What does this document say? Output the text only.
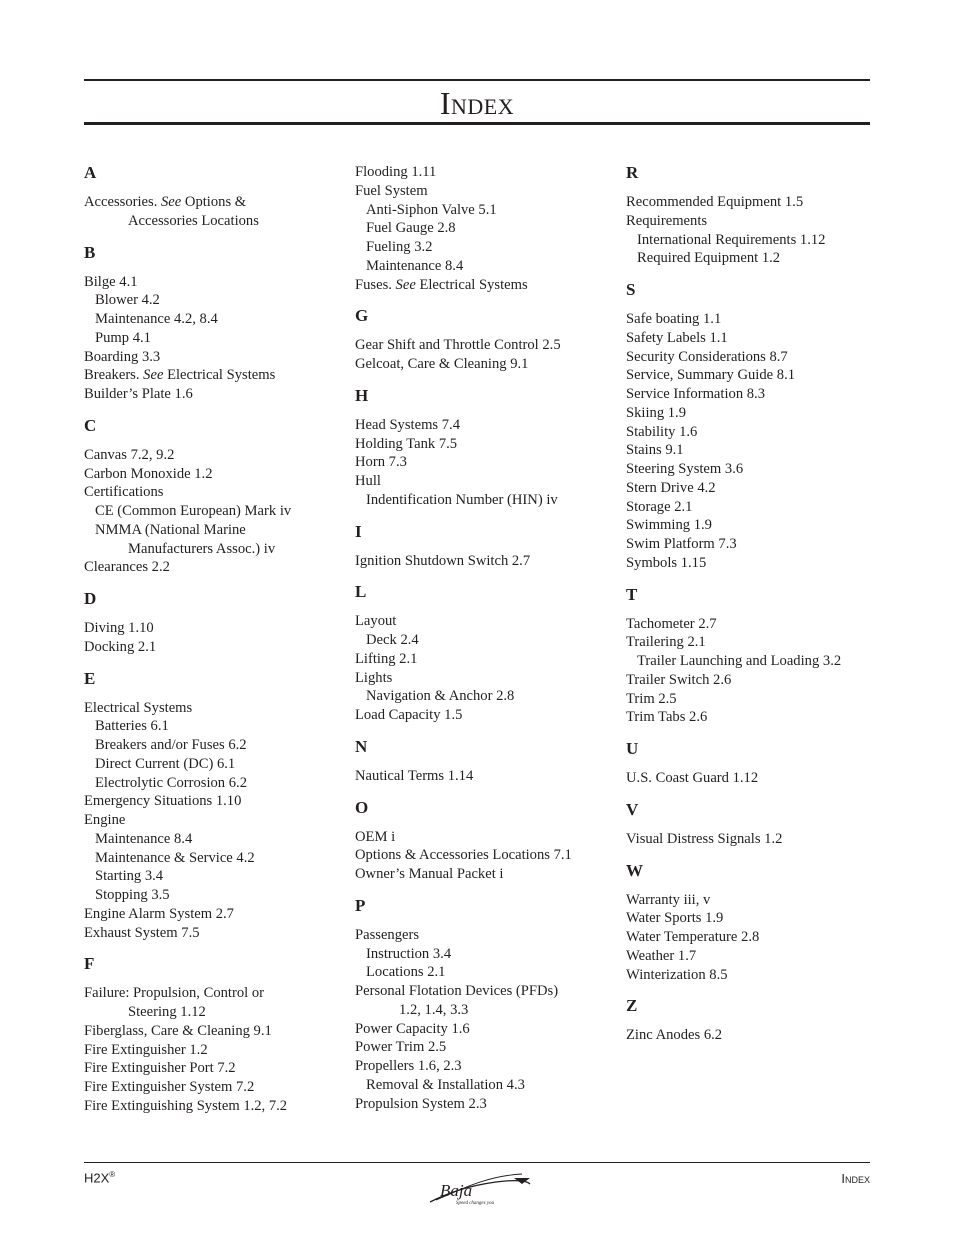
Index
A
Accessories. See Options &
Accessories Locations
B
Bilge 4.1
Blower 4.2
Maintenance 4.2, 8.4
Pump 4.1
Boarding 3.3
Breakers. See Electrical Systems
Builder’s Plate 1.6
C
Canvas 7.2, 9.2
Carbon Monoxide 1.2
Certifications
CE (Common European) Mark iv
NMMA (National Marine
Manufacturers Assoc.) iv
Clearances 2.2
D
Diving 1.10
Docking 2.1
E
Electrical Systems
Batteries 6.1
Breakers and/or Fuses 6.2
Direct Current (DC) 6.1
Electrolytic Corrosion 6.2
Emergency Situations 1.10
Engine
Maintenance 8.4
Maintenance & Service 4.2
Starting 3.4
Stopping 3.5
Engine Alarm System 2.7
Exhaust System 7.5
F
Failure: Propulsion, Control or
Steering 1.12
Fiberglass, Care & Cleaning 9.1
Fire Extinguisher 1.2
Fire Extinguisher Port 7.2
Fire Extinguisher System 7.2
Fire Extinguishing System 1.2, 7.2
Flooding 1.11
Fuel System
Anti-Siphon Valve 5.1
Fuel Gauge 2.8
Fueling 3.2
Maintenance 8.4
Fuses. See Electrical Systems
G
Gear Shift and Throttle Control 2.5
Gelcoat, Care & Cleaning 9.1
H
Head Systems 7.4
Holding Tank 7.5
Horn 7.3
Hull
Indentification Number (HIN) iv
I
Ignition Shutdown Switch 2.7
L
Layout
Deck 2.4
Lifting 2.1
Lights
Navigation & Anchor 2.8
Load Capacity 1.5
N
Nautical Terms 1.14
O
OEM i
Options & Accessories Locations 7.1
Owner’s Manual Packet i
P
Passengers
Instruction 3.4
Locations 2.1
Personal Flotation Devices (PFDs)
1.2, 1.4, 3.3
Power Capacity 1.6
Power Trim 2.5
Propellers 1.6, 2.3
Removal & Installation 4.3
Propulsion System 2.3
R
Recommended Equipment 1.5
Requirements
International Requirements 1.12
Required Equipment 1.2
S
Safe boating 1.1
Safety Labels 1.1
Security Considerations 8.7
Service, Summary Guide 8.1
Service Information 8.3
Skiing 1.9
Stability 1.6
Stains 9.1
Steering System 3.6
Stern Drive 4.2
Storage 2.1
Swimming 1.9
Swim Platform 7.3
Symbols 1.15
T
Tachometer 2.7
Trailering 2.1
Trailer Launching and Loading 3.2
Trailer Switch 2.6
Trim 2.5
Trim Tabs 2.6
U
U.S. Coast Guard 1.12
V
Visual Distress Signals 1.2
W
Warranty iii, v
Water Sports 1.9
Water Temperature 2.8
Weather 1.7
Winterization 8.5
Z
Zinc Anodes 6.2
H2X®
Baja
Speed changes you
Index
